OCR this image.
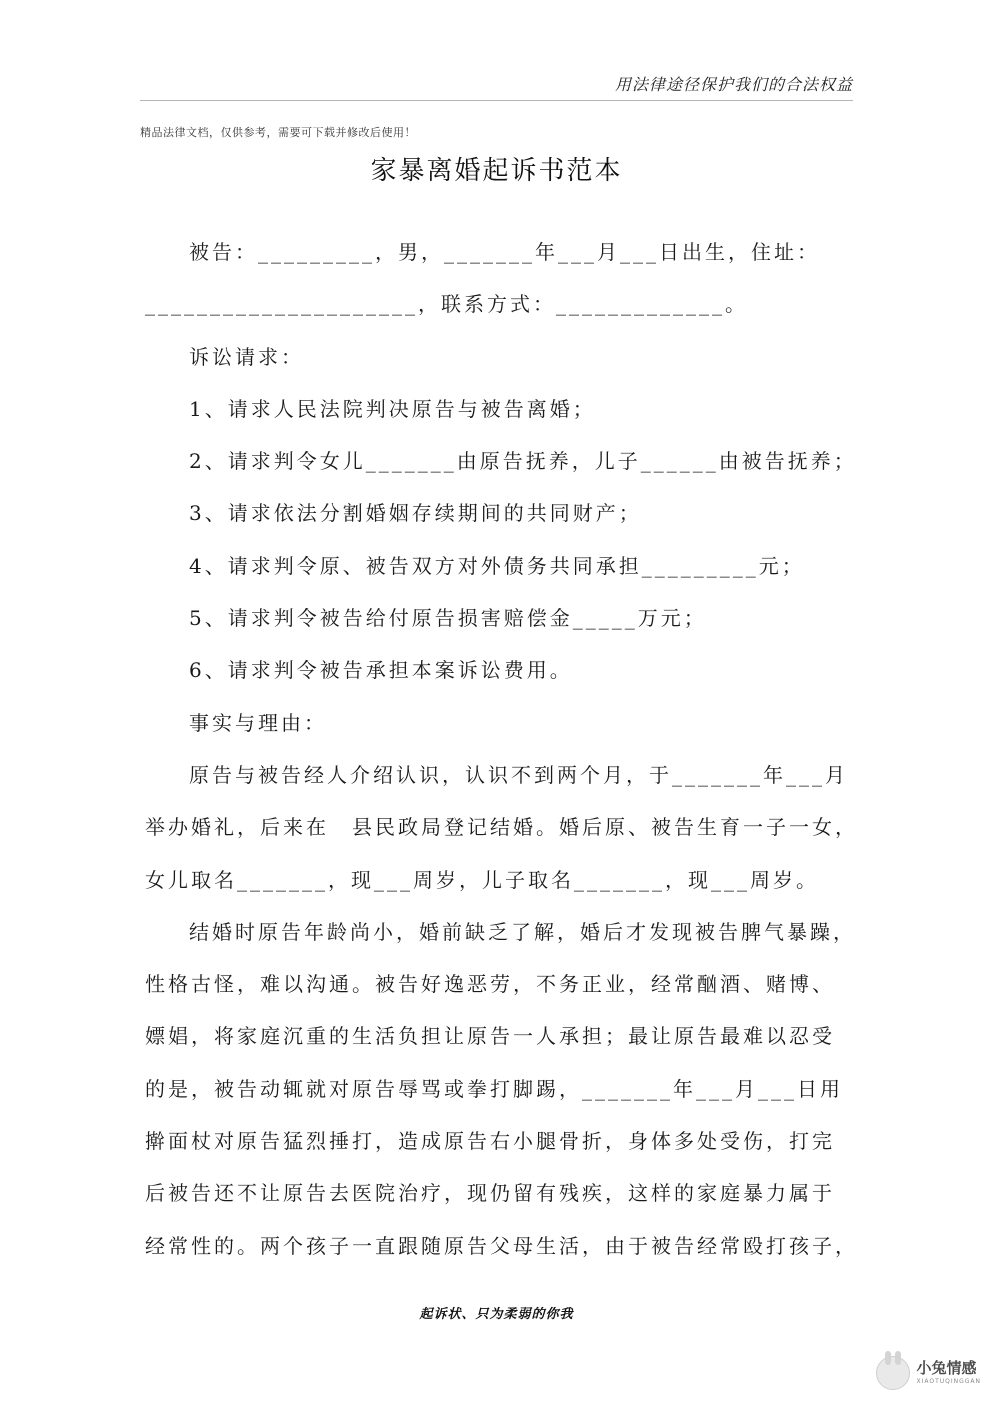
用法律途径保护我们的合法权益
精品法律文档，仅供参考，需要可下载并修改后使用！
家暴离婚起诉书范本
被告：_________，男，_______年___月___日出生，住址：
_____________________，联系方式：_____________。
诉讼请求：
1、请求人民法院判决原告与被告离婚；
2、请求判令女儿_______由原告抚养，儿子______由被告抚养；
3、请求依法分割婚姻存续期间的共同财产；
4、请求判令原、被告双方对外债务共同承担_________元；
5、请求判令被告给付原告损害赔偿金_____万元；
6、请求判令被告承担本案诉讼费用。
事实与理由：
原告与被告经人介绍认识，认识不到两个月，于_______年___月
举办婚礼，后来在　县民政局登记结婚。婚后原、被告生育一子一女，
女儿取名_______，现___周岁，儿子取名_______，现___周岁。
结婚时原告年龄尚小，婚前缺乏了解，婚后才发现被告脾气暴躁，
性格古怪，难以沟通。被告好逸恶劳，不务正业，经常酗酒、赌博、
嫖娼，将家庭沉重的生活负担让原告一人承担；最让原告最难以忍受
的是，被告动辄就对原告辱骂或拳打脚踢，_______年___月___日用
擀面杖对原告猛烈捶打，造成原告右小腿骨折，身体多处受伤，打完
后被告还不让原告去医院治疗，现仍留有残疾，这样的家庭暴力属于
经常性的。两个孩子一直跟随原告父母生活，由于被告经常殴打孩子，
起诉状、只为柔弱的你我
小兔情感
XIAOTUQINGGAN
